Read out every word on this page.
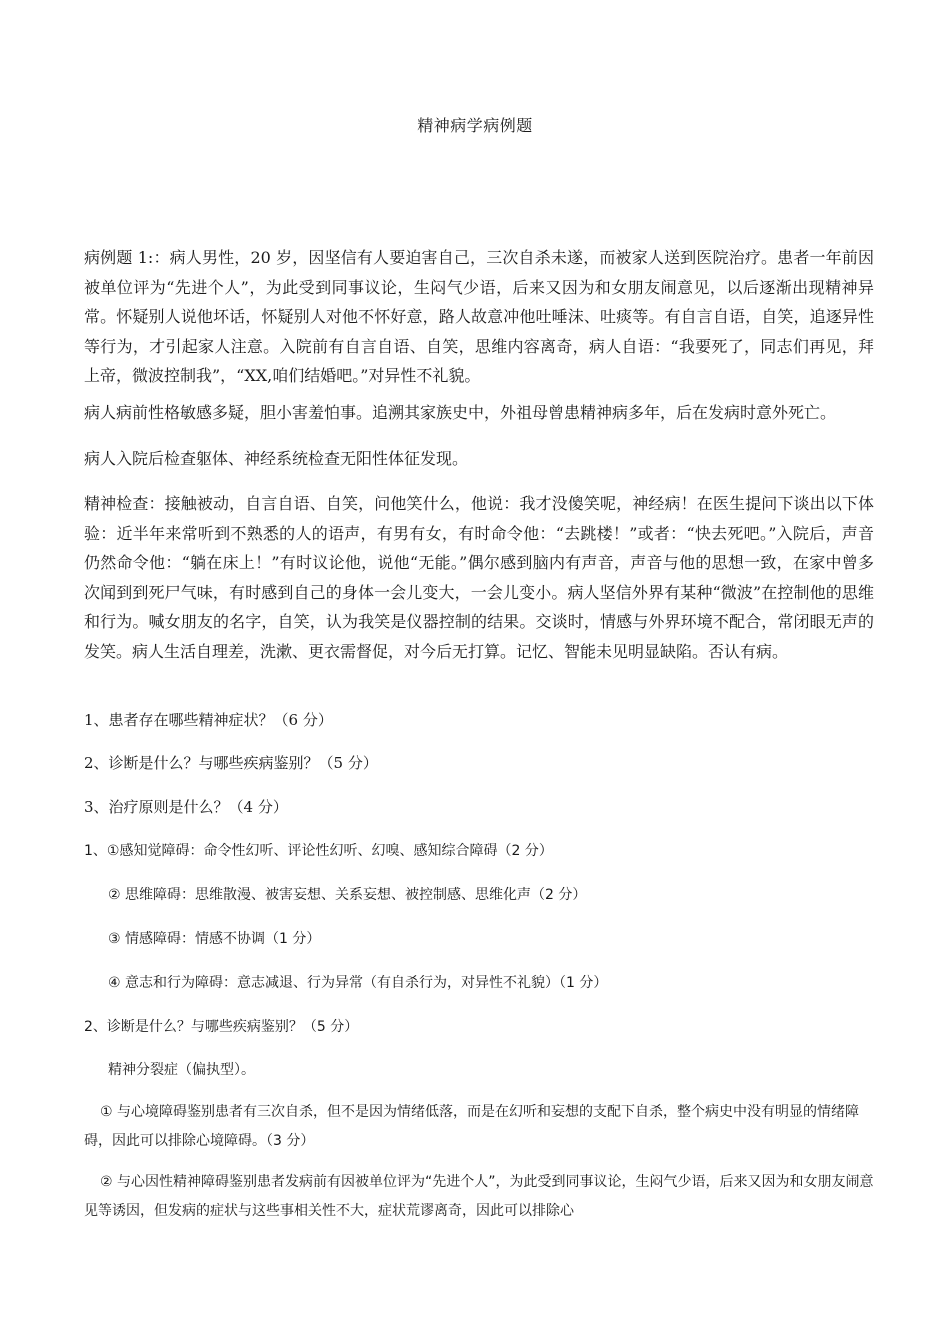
精神病学病例题

病例题 1:：病人男性，20 岁，因坚信有人要迫害自己，三次自杀未遂，而被家人送到医院治疗。患者一年前因被单位评为“先进个人”，为此受到同事议论，生闷气少语，后来又因为和女朋友闹意见，以后逐渐出现精神异常。怀疑别人说他坏话，怀疑别人对他不怀好意，路人故意冲他吐唾沫、吐痰等。有自言自语，自笑，追逐异性等行为，才引起家人注意。入院前有自言自语、自笑，思维内容离奇，病人自语：“我要死了，同志们再见，拜上帝，微波控制我”，“XX,咱们结婚吧。”对异性不礼貌。

病人病前性格敏感多疑，胆小害羞怕事。追溯其家族史中，外祖母曾患精神病多年，后在发病时意外死亡。

病人入院后检查躯体、神经系统检查无阳性体征发现。

精神检查：接触被动，自言自语、自笑，问他笑什么，他说：我才没傻笑呢，神经病！在医生提问下谈出以下体验：近半年来常听到不熟悉的人的语声，有男有女，有时命令他：“去跳楼！”或者：“快去死吧。”入院后，声音仍然命令他：“躺在床上！”有时议论他，说他“无能。”偶尔感到脑内有声音，声音与他的思想一致，在家中曾多次闻到到死尸气味，有时感到自己的身体一会儿变大，一会儿变小。病人坚信外界有某种“微波”在控制他的思维和行为。喊女朋友的名字，自笑，认为我笑是仪器控制的结果。交谈时，情感与外界环境不配合，常闭眼无声的发笑。病人生活自理差，洗漱、更衣需督促，对今后无打算。记忆、智能未见明显缺陷。否认有病。

1、患者存在哪些精神症状？（6 分）

2、诊断是什么？与哪些疾病鉴别？（5 分）

3、治疗原则是什么？（4 分）

1、①感知觉障碍：命令性幻听、评论性幻听、幻嗅、感知综合障碍（2 分）

② 思维障碍：思维散漫、被害妄想、关系妄想、被控制感、思维化声（2 分）

③ 情感障碍：情感不协调（1 分）

④ 意志和行为障碍：意志减退、行为异常（有自杀行为，对异性不礼貌）（1 分）

2、诊断是什么？与哪些疾病鉴别？（5 分）

精神分裂症（偏执型）。

① 与心境障碍鉴别患者有三次自杀，但不是因为情绪低落，而是在幻听和妄想的支配下自杀，整个病史中没有明显的情绪障碍，因此可以排除心境障碍。（3 分）

② 与心因性精神障碍鉴别患者发病前有因被单位评为“先进个人”，为此受到同事议论，生闷气少语，后来又因为和女朋友闹意见等诱因，但发病的症状与这些事相关性不大，症状荒谬离奇，因此可以排除心
